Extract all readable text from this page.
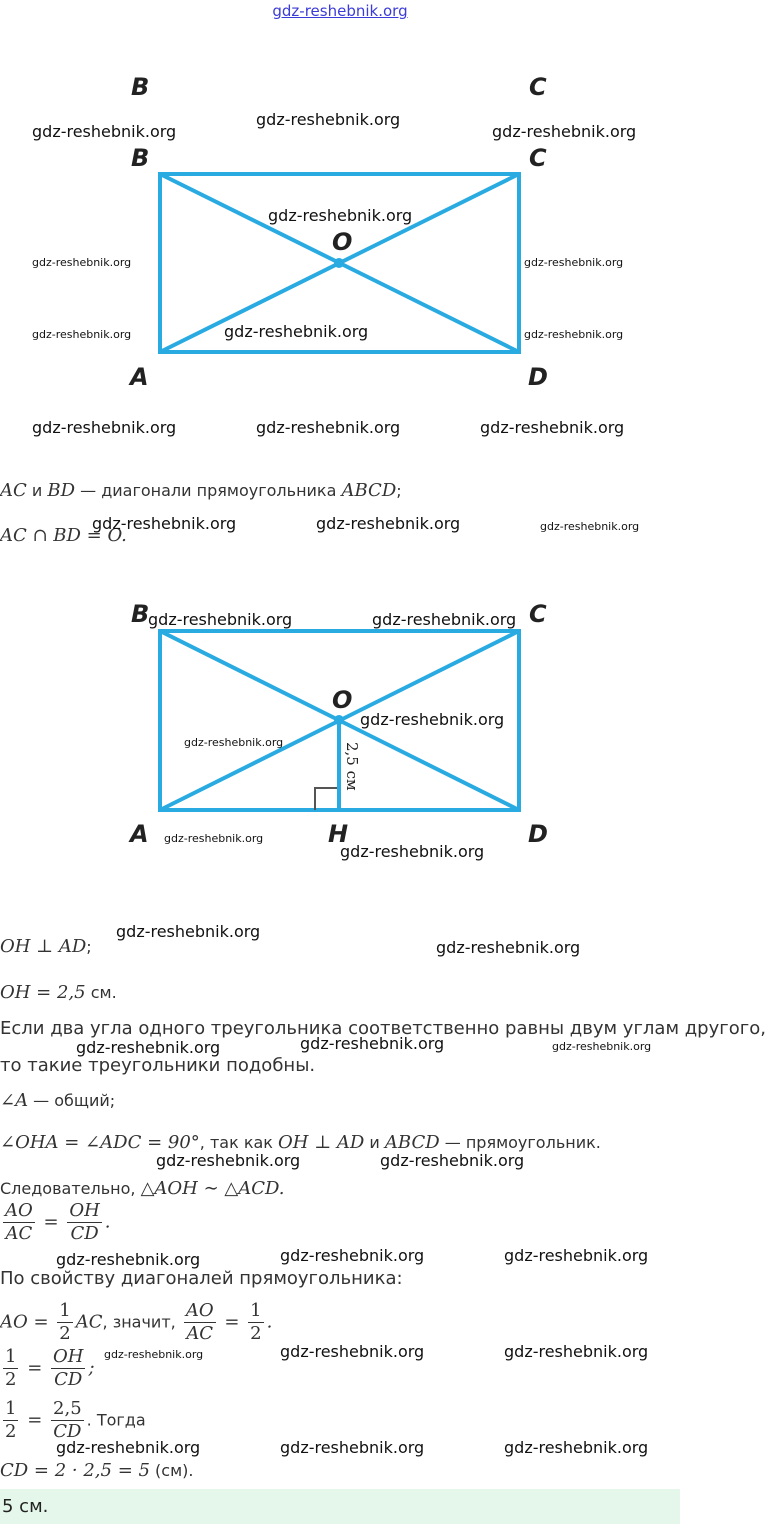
gdz-reshebnik.org
B	C
B	C
A	D
O
B	C
A	D
H
O
2,5 см
AC и BD — диагонали прямоугольника ABCD;
AC ∩ BD = O.
OH ⊥ AD;
OH = 2,5 см.
Если два угла одного треугольника соответственно равны двум углам другого,
то такие треугольники подобны.
∠A — общий;
∠OHA = ∠ADC = 90°, так как OH ⊥ AD и ABCD — прямоугольник.
Следовательно, △AOH ∼ △ACD.
$\frac{AO}{AC} = \frac{OH}{CD}$ .
По свойству диагоналей прямоугольника:
AO = $\frac{1}{2}$ AC, значит, $\frac{AO}{AC} = \frac{1}{2}$ .
$\frac{1}{2} = \frac{OH}{CD}$ ;
$\frac{1}{2} = \frac{2,5}{CD}$ . Тогда
CD = 2 · 2,5 = 5 (см).
5 см.
gdz-reshebnik.org
gdz-reshebnik.org	gdz-reshebnik.org
gdz-reshebnik.org
gdz-reshebnik.org	gdz-reshebnik.org
gdz-reshebnik.org	gdz-reshebnik.org	gdz-reshebnik.org
gdz-reshebnik.org	gdz-reshebnik.org	gdz-reshebnik.org
gdz-reshebnik.org	gdz-reshebnik.org	gdz-reshebnik.org
gdz-reshebnik.org	gdz-reshebnik.org
gdz-reshebnik.org
gdz-reshebnik.org
gdz-reshebnik.org
gdz-reshebnik.org
gdz-reshebnik.org
gdz-reshebnik.org
gdz-reshebnik.org	gdz-reshebnik.org	gdz-reshebnik.org
gdz-reshebnik.org	gdz-reshebnik.org
gdz-reshebnik.org	gdz-reshebnik.org	gdz-reshebnik.org
gdz-reshebnik.org	gdz-reshebnik.org	gdz-reshebnik.org
gdz-reshebnik.org	gdz-reshebnik.org	gdz-reshebnik.org
